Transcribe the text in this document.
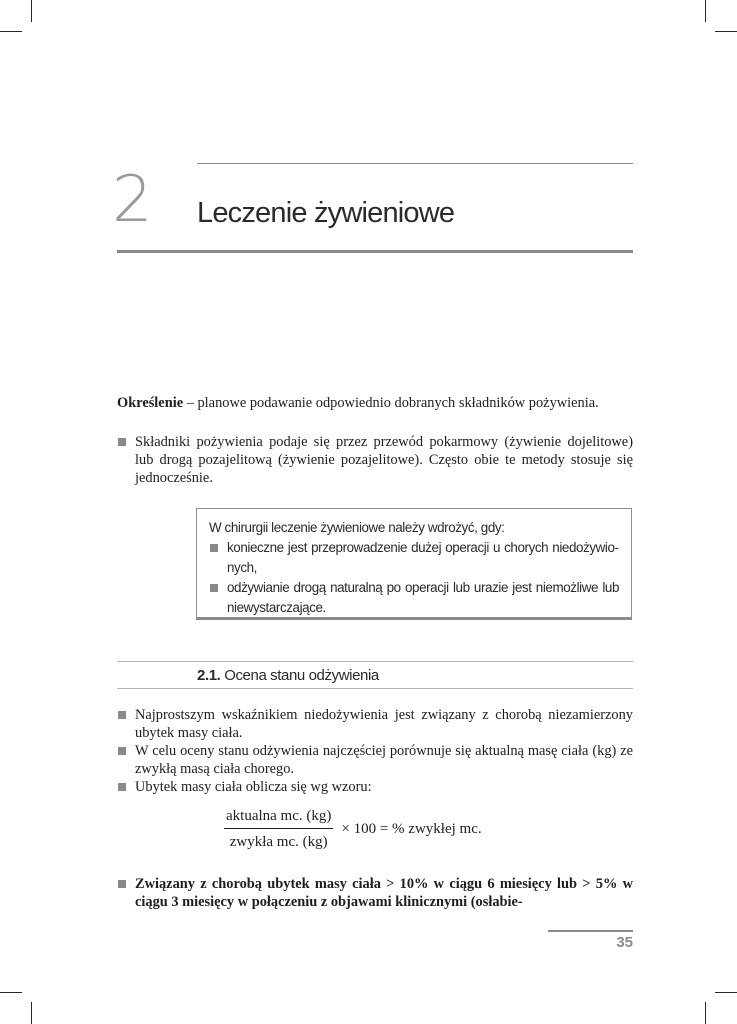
2 Leczenie żywieniowe
Określenie – planowe podawanie odpowiednio dobranych składników pożywienia.
Składniki pożywienia podaje się przez przewód pokarmowy (żywienie dojelitowe) lub drogą pozajelitową (żywienie pozajelitowe). Często obie te metody stosuje się jednocześnie.
W chirurgii leczenie żywieniowe należy wdrożyć, gdy:
konieczne jest przeprowadzenie dużej operacji u chorych niedożywionych,
odżywianie drogą naturalną po operacji lub urazie jest niemożliwe lub niewystarczające.
2.1. Ocena stanu odżywienia
Najprostszym wskaźnikiem niedożywienia jest związany z chorobą niezamierzony ubytek masy ciała.
W celu oceny stanu odżywienia najczęściej porównuje się aktualną masę ciała (kg) ze zwykłą masą ciała chorego.
Ubytek masy ciała oblicza się wg wzoru:
$\frac{\text{aktualna mc. (kg)}}{\text{zwykła mc. (kg)}} \times 100$ = % zwykłej mc.
Związany z chorobą ubytek masy ciała > 10% w ciągu 6 miesięcy lub > 5% w ciągu 3 miesięcy w połączeniu z objawami klinicznymi (osłabie-
35
